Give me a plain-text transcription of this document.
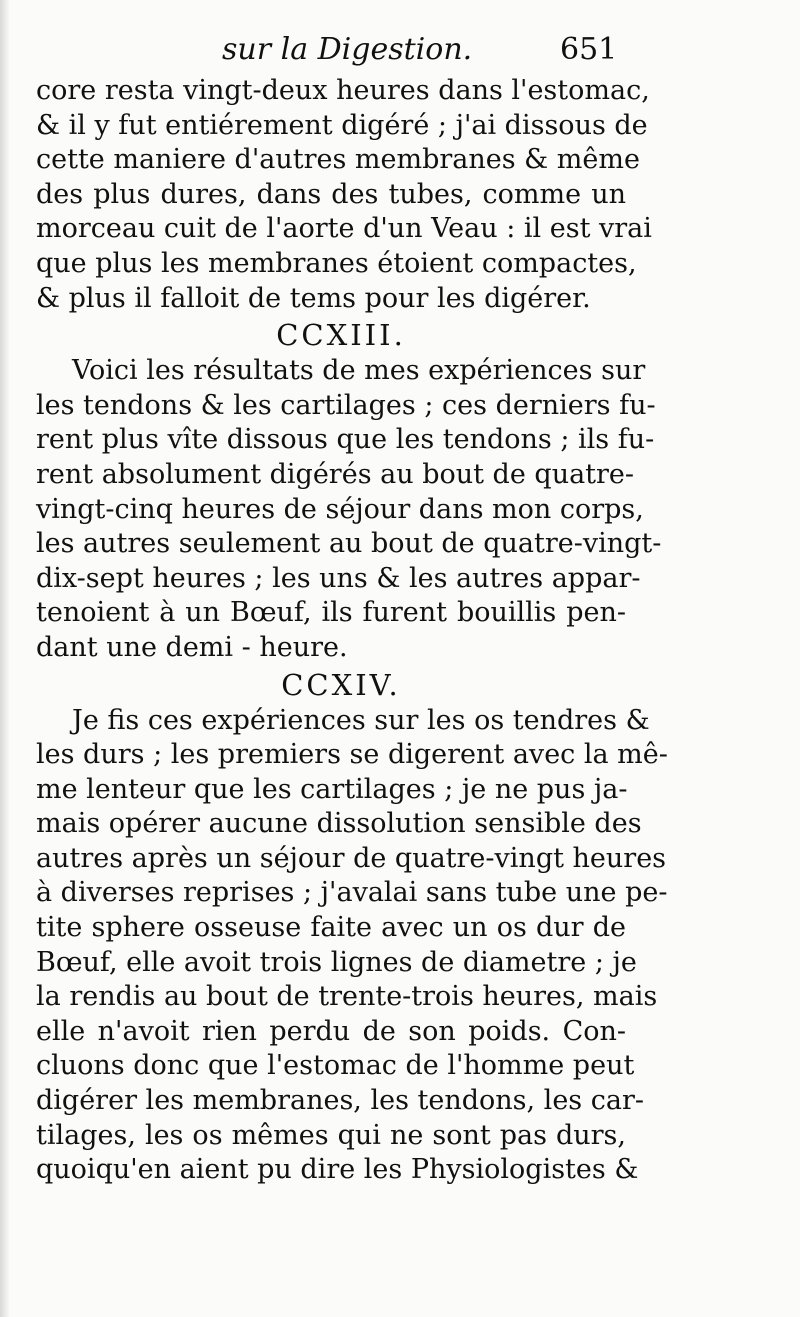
sur la Digestion.	651
core resta vingt-deux heures dans l'estomac,
& il y fut entiérement digéré ; j'ai dissous de
cette maniere d'autres membranes & même
des plus dures, dans des tubes, comme un
morceau cuit de l'aorte d'un Veau : il est vrai
que plus les membranes étoient compactes,
& plus il falloit de tems pour les digérer.
CCXIII.
Voici les résultats de mes expériences sur
les tendons & les cartilages ; ces derniers fu-
rent plus vîte dissous que les tendons ; ils fu-
rent absolument digérés au bout de quatre-
vingt-cinq heures de séjour dans mon corps,
les autres seulement au bout de quatre-vingt-
dix-sept heures ; les uns & les autres appar-
tenoient à un Bœuf, ils furent bouillis pen-
dant une demi - heure.
CCXIV.
Je fis ces expériences sur les os tendres &
les durs ; les premiers se digerent avec la mê-
me lenteur que les cartilages ; je ne pus ja-
mais opérer aucune dissolution sensible des
autres après un séjour de quatre-vingt heures
à diverses reprises ; j'avalai sans tube une pe-
tite sphere osseuse faite avec un os dur de
Bœuf, elle avoit trois lignes de diametre ; je
la rendis au bout de trente-trois heures, mais
elle n'avoit rien perdu de son poids. Con-
cluons donc que l'estomac de l'homme peut
digérer les membranes, les tendons, les car-
tilages, les os mêmes qui ne sont pas durs,
quoiqu'en aient pu dire les Physiologistes &
